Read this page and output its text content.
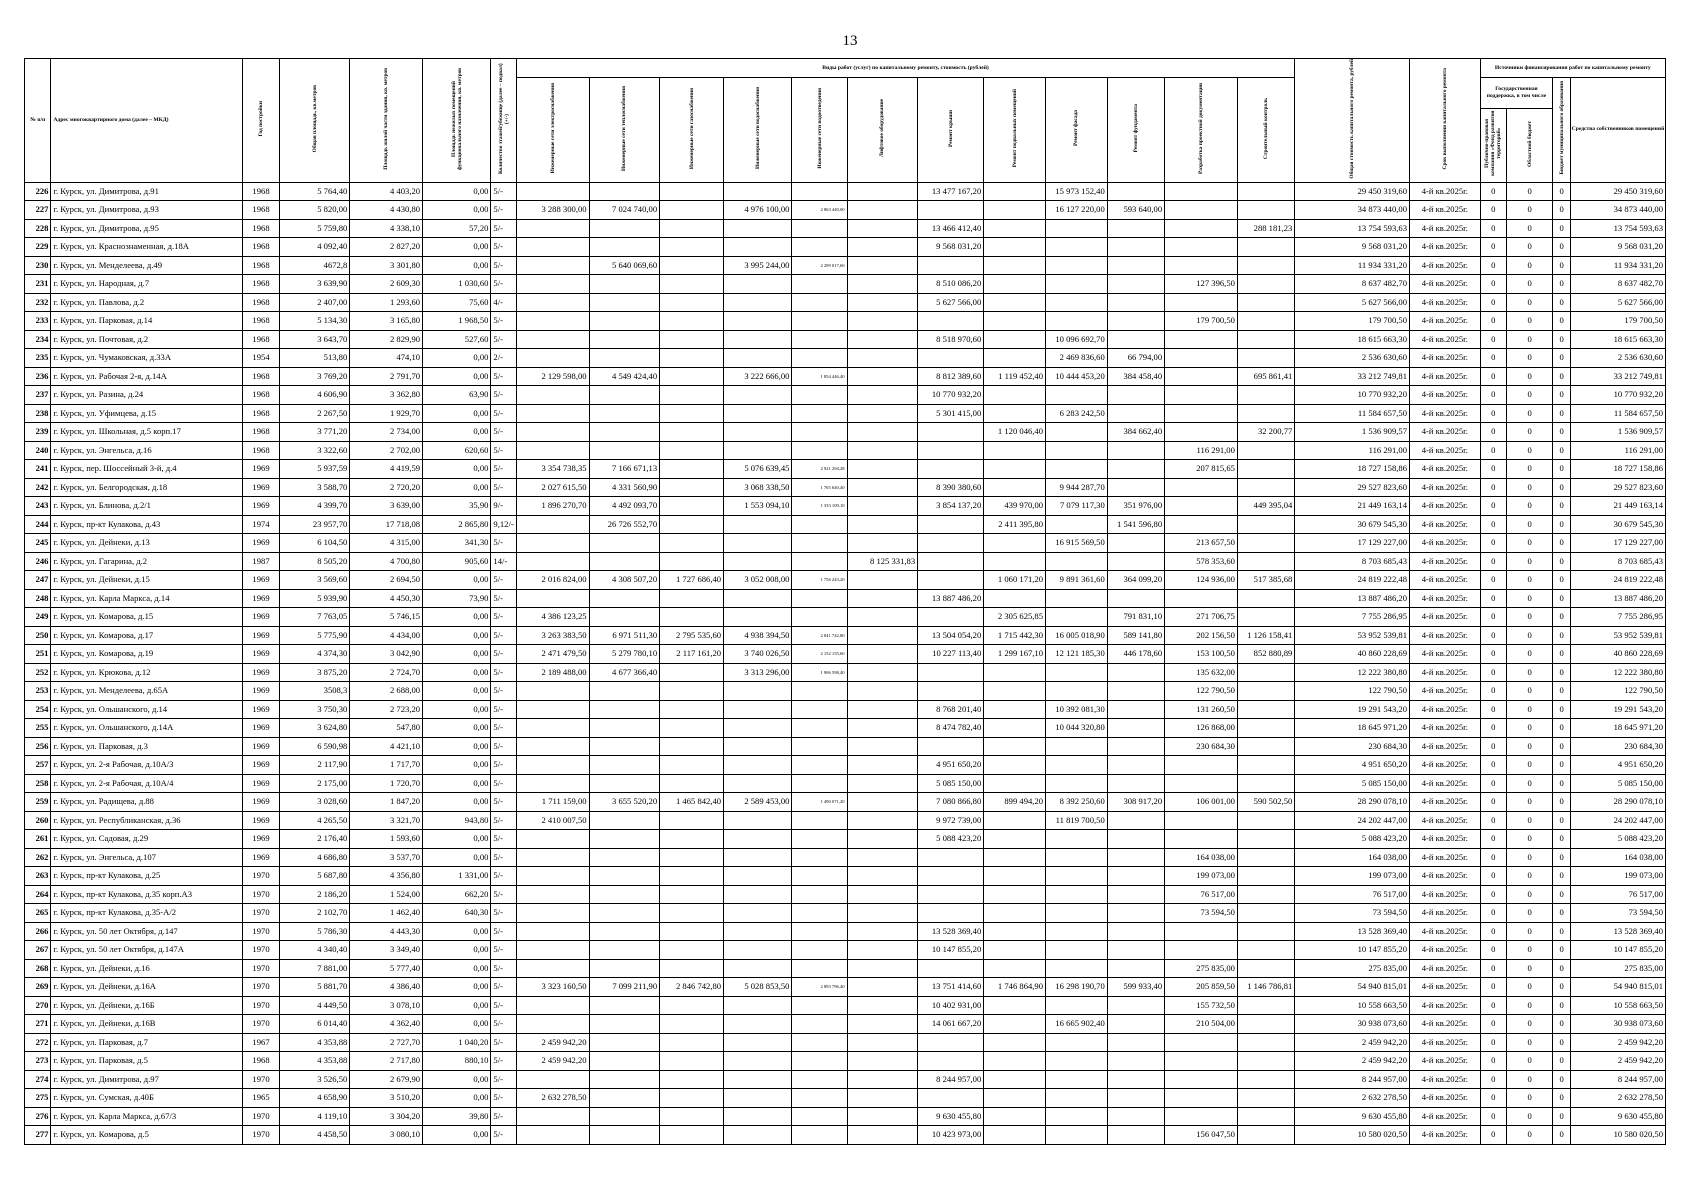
13
№ п/п	Адрес многоквартирного дома (далее – МКД)	Год постройки	Общая площадь, кв.метров	Площадь жилой части здания, кв. метров	Площадь нежилых помещений функционального назначения, кв. метров	Количество этажей/убежище (далее – подвал) (+/-)	Виды работ (услуг) по капитальному ремонту, стоимость (рублей)												Общая стоимость капитального ремонта, рублей	Срок выполнения капитального ремонта	Источники финансирования работ по капитальному ремонту			
							Инженерные сети электроснабжения	Инженерные сети теплоснабжения	Инженерные сети газоснабжения	Инженерные сети водоснабжения	Инженерные сети водоотведения	Лифтовое оборудование	Ремонт крыши	Ремонт подвальных помещений	Ремонт фасада	Ремонт фундамента	Разработка проектной документации	Строительный контроль			Государственная поддержка, в том числе		Бюджет муниципального образования	Средства собственников помещений
																					Публично-правовая компания «Фонд развития территорий»	Областной бюджет		
226	г. Курск, ул. Димитрова, д.91	1968	5 764,40	4 403,20	0,00	5/-							13 477 167,20		15 973 152,40				29 450 319,60	4-й кв.2025г.	0	0	0	29 450 319,60
227	г. Курск, ул. Димитрова, д.93	1968	5 820,00	4 430,80	0,00	5/-	3 288 300,00	7 024 740,00		4 976 100,00	2 863 440,00				16 127 220,00	593 640,00			34 873 440,00	4-й кв.2025г.	0	0	0	34 873 440,00
228	г. Курск, ул. Димитрова, д.95	1968	5 759,80	4 338,10	57,20	5/-							13 466 412,40					288 181,23	13 754 593,63	4-й кв.2025г.	0	0	0	13 754 593,63
229	г. Курск, ул. Краснознаменная, д.18А	1968	4 092,40	2 827,20	0,00	5/-							9 568 031,20						9 568 031,20	4-й кв.2025г.	0	0	0	9 568 031,20
230	г. Курск, ул. Менделеева, д.49	1968	4672,8	3 301,80	0,00	5/-		5 640 069,60		3 995 244,00	2 299 017,60								11 934 331,20	4-й кв.2025г.	0	0	0	11 934 331,20
231	г. Курск, ул. Народная, д.7	1968	3 639,90	2 609,30	1 030,60	5/-							8 510 086,20				127 396,50		8 637 482,70	4-й кв.2025г.	0	0	0	8 637 482,70
232	г. Курск, ул. Павлова, д.2	1968	2 407,00	1 293,60	75,60	4/-							5 627 566,00						5 627 566,00	4-й кв.2025г.	0	0	0	5 627 566,00
233	г. Курск, ул. Парковая, д.14	1968	5 134,30	3 165,80	1 968,50	5/-											179 700,50		179 700,50	4-й кв.2025г.	0	0	0	179 700,50
234	г. Курск, ул. Почтовая, д.2	1968	3 643,70	2 829,90	527,60	5/-							8 518 970,60		10 096 692,70				18 615 663,30	4-й кв.2025г.	0	0	0	18 615 663,30
235	г. Курск, ул. Чумаковская, д.33А	1954	513,80	474,10	0,00	2/-									2 469 836,60	66 794,00			2 536 630,60	4-й кв.2025г.	0	0	0	2 536 630,60
236	г. Курск, ул. Рабочая 2-я, д.14А	1968	3 769,20	2 791,70	0,00	5/-	2 129 598,00	4 549 424,40		3 222 666,00	1 854 446,40		8 812 389,60	1 119 452,40	10 444 453,20	384 458,40		695 861,41	33 212 749,81	4-й кв.2025г.	0	0	0	33 212 749,81
237	г. Курск, ул. Разина, д.24	1968	4 606,90	3 362,80	63,90	5/-							10 770 932,20						10 770 932,20	4-й кв.2025г.	0	0	0	10 770 932,20
238	г. Курск, ул. Уфимцева, д.15	1968	2 267,50	1 929,70	0,00	5/-							5 301 415,00		6 283 242,50				11 584 657,50	4-й кв.2025г.	0	0	0	11 584 657,50
239	г. Курск, ул. Школьная, д.5 корп.17	1968	3 771,20	2 734,00	0,00	5/-								1 120 046,40		384 662,40		32 200,77	1 536 909,57	4-й кв.2025г.	0	0	0	1 536 909,57
240	г. Курск, ул. Энгельса, д.16	1968	3 322,60	2 702,00	620,60	5/-											116 291,00		116 291,00	4-й кв.2025г.	0	0	0	116 291,00
241	г. Курск, пер. Шоссейный 3-й, д.4	1969	5 937,59	4 419,59	0,00	5/-	3 354 738,35	7 166 671,13		5 076 639,45	2 921 294,28						207 815,65		18 727 158,86	4-й кв.2025г.	0	0	0	18 727 158,86
242	г. Курск, ул. Белгородская, д.18	1969	3 588,70	2 720,20	0,00	5/-	2 027 615,50	4 331 560,90		3 068 338,50	1 765 640,40		8 390 380,60		9 944 287,70				29 527 823,60	4-й кв.2025г.	0	0	0	29 527 823,60
243	г. Курск, ул. Блинова, д.2/1	1969	4 399,70	3 639,00	35,90	9/-	1 896 270,70	4 492 093,70		1 553 094,10	1 333 109,10		3 854 137,20	439 970,00	7 079 117,30	351 976,00		449 395,04	21 449 163,14	4-й кв.2025г.	0	0	0	21 449 163,14
244	г. Курск, пр-кт Кулакова, д.43	1974	23 957,70	17 718,08	2 865,80	9,12/-		26 726 552,70						2 411 395,80		1 541 596,80			30 679 545,30	4-й кв.2025г.	0	0	0	30 679 545,30
245	г. Курск, ул. Дейнеки, д.13	1969	6 104,50	4 315,00	341,30	5/-									16 915 569,50		213 657,50		17 129 227,00	4-й кв.2025г.	0	0	0	17 129 227,00
246	г. Курск, ул. Гагарина, д.2	1987	8 505,20	4 700,80	905,60	14/-						8 125 331,83					578 353,60		8 703 685,43	4-й кв.2025г.	0	0	0	8 703 685,43
247	г. Курск, ул. Дейнеки, д.15	1969	3 569,60	2 694,50	0,00	5/-	2 016 824,00	4 308 507,20	1 727 686,40	3 052 008,00	1 756 243,20			1 060 171,20	9 891 361,60	364 099,20	124 936,00	517 385,68	24 819 222,48	4-й кв.2025г.	0	0	0	24 819 222,48
248	г. Курск, ул. Карла Маркса, д.14	1969	5 939,90	4 450,30	73,90	5/-							13 887 486,20						13 887 486,20	4-й кв.2025г.	0	0	0	13 887 486,20
249	г. Курск, ул. Комарова, д.15	1969	7 763,05	5 746,15	0,00	5/-	4 386 123,25							2 305 625,85		791 831,10	271 706,75		7 755 286,95	4-й кв.2025г.	0	0	0	7 755 286,95
250	г. Курск, ул. Комарова, д.17	1969	5 775,90	4 434,00	0,00	5/-	3 263 383,50	6 971 511,30	2 795 535,60	4 938 394,50	2 841 742,80		13 504 054,20	1 715 442,30	16 005 018,90	589 141,80	202 156,50	1 126 158,41	53 952 539,81	4-й кв.2025г.	0	0	0	53 952 539,81
251	г. Курск, ул. Комарова, д.19	1969	4 374,30	3 042,90	0,00	5/-	2 471 479,50	5 279 780,10	2 117 161,20	3 740 026,50	2 152 155,60		10 227 113,40	1 299 167,10	12 121 185,30	446 178,60	153 100,50	852 880,89	40 860 228,69	4-й кв.2025г.	0	0	0	40 860 228,69
252	г. Курск, ул. Крюкова, д.12	1969	3 875,20	2 724,70	0,00	5/-	2 189 488,00	4 677 366,40		3 313 296,00	1 906 598,40						135 632,00		12 222 380,80	4-й кв.2025г.	0	0	0	12 222 380,80
253	г. Курск, ул. Менделеева, д.65А	1969	3508,3	2 688,00	0,00	5/-											122 790,50		122 790,50	4-й кв.2025г.	0	0	0	122 790,50
254	г. Курск, ул. Ольшанского, д.14	1969	3 750,30	2 723,20	0,00	5/-							8 768 201,40		10 392 081,30		131 260,50		19 291 543,20	4-й кв.2025г.	0	0	0	19 291 543,20
255	г. Курск, ул. Ольшанского, д.14А	1969	3 624,80	547,80	0,00	5/-							8 474 782,40		10 044 320,80		126 868,00		18 645 971,20	4-й кв.2025г.	0	0	0	18 645 971,20
256	г. Курск, ул. Парковая, д.3	1969	6 590,98	4 421,10	0,00	5/-											230 684,30		230 684,30	4-й кв.2025г.	0	0	0	230 684,30
257	г. Курск, ул. 2-я Рабочая, д.10А/3	1969	2 117,90	1 717,70	0,00	5/-							4 951 650,20						4 951 650,20	4-й кв.2025г.	0	0	0	4 951 650,20
258	г. Курск, ул. 2-я Рабочая, д.10А/4	1969	2 175,00	1 720,70	0,00	5/-							5 085 150,00						5 085 150,00	4-й кв.2025г.	0	0	0	5 085 150,00
259	г. Курск, ул. Радищева, д.88	1969	3 028,60	1 847,20	0,00	5/-	1 711 159,00	3 655 520,20	1 465 842,40	2 589 453,00	1 490 071,20		7 080 866,80	899 494,20	8 392 250,60	308 917,20	106 001,00	590 502,50	28 290 078,10	4-й кв.2025г.	0	0	0	28 290 078,10
260	г. Курск, ул. Республиканская, д.36	1969	4 265,50	3 321,70	943,80	5/-	2 410 007,50						9 972 739,00		11 819 700,50				24 202 447,00	4-й кв.2025г.	0	0	0	24 202 447,00
261	г. Курск, ул. Садовая, д.29	1969	2 176,40	1 593,60	0,00	5/-							5 088 423,20						5 088 423,20	4-й кв.2025г.	0	0	0	5 088 423,20
262	г. Курск, ул. Энгельса, д.107	1969	4 686,80	3 537,70	0,00	5/-											164 038,00		164 038,00	4-й кв.2025г.	0	0	0	164 038,00
263	г. Курск, пр-кт Кулакова, д.25	1970	5 687,80	4 356,80	1 331,00	5/-											199 073,00		199 073,00	4-й кв.2025г.	0	0	0	199 073,00
264	г. Курск, пр-кт Кулакова, д.35 корп.А3	1970	2 186,20	1 524,00	662,20	5/-											76 517,00		76 517,00	4-й кв.2025г.	0	0	0	76 517,00
265	г. Курск, пр-кт Кулакова, д.35-А/2	1970	2 102,70	1 462,40	640,30	5/-											73 594,50		73 594,50	4-й кв.2025г.	0	0	0	73 594,50
266	г. Курск, ул. 50 лет Октября, д.147	1970	5 786,30	4 443,30	0,00	5/-							13 528 369,40						13 528 369,40	4-й кв.2025г.	0	0	0	13 528 369,40
267	г. Курск, ул. 50 лет Октября, д.147А	1970	4 340,40	3 349,40	0,00	5/-							10 147 855,20						10 147 855,20	4-й кв.2025г.	0	0	0	10 147 855,20
268	г. Курск, ул. Дейнеки, д.16	1970	7 881,00	5 777,40	0,00	5/-											275 835,00		275 835,00	4-й кв.2025г.	0	0	0	275 835,00
269	г. Курск, ул. Дейнеки, д.16А	1970	5 881,70	4 386,40	0,00	5/-	3 323 160,50	7 099 211,90	2 846 742,80	5 028 853,50	2 893 796,40		13 751 414,60	1 746 864,90	16 298 190,70	599 933,40	205 859,50	1 146 786,81	54 940 815,01	4-й кв.2025г.	0	0	0	54 940 815,01
270	г. Курск, ул. Дейнеки, д.16Б	1970	4 449,50	3 078,10	0,00	5/-							10 402 931,00				155 732,50		10 558 663,50	4-й кв.2025г.	0	0	0	10 558 663,50
271	г. Курск, ул. Дейнеки, д.16В	1970	6 014,40	4 362,40	0,00	5/-							14 061 667,20		16 665 902,40		210 504,00		30 938 073,60	4-й кв.2025г.	0	0	0	30 938 073,60
272	г. Курск, ул. Парковая, д.7	1967	4 353,88	2 727,70	1 040,20	5/-	2 459 942,20												2 459 942,20	4-й кв.2025г.	0	0	0	2 459 942,20
273	г. Курск, ул. Парковая, д.5	1968	4 353,88	2 717,80	880,10	5/-	2 459 942,20												2 459 942,20	4-й кв.2025г.	0	0	0	2 459 942,20
274	г. Курск, ул. Димитрова, д.97	1970	3 526,50	2 679,90	0,00	5/-							8 244 957,00						8 244 957,00	4-й кв.2025г.	0	0	0	8 244 957,00
275	г. Курск, ул. Сумская, д.40Б	1965	4 658,90	3 510,20	0,00	5/-	2 632 278,50												2 632 278,50	4-й кв.2025г.	0	0	0	2 632 278,50
276	г. Курск, ул. Карла Маркса, д.67/3	1970	4 119,10	3 304,20	39,80	5/-							9 630 455,80						9 630 455,80	4-й кв.2025г.	0	0	0	9 630 455,80
277	г. Курск, ул. Комарова, д.5	1970	4 458,50	3 080,10	0,00	5/-							10 423 973,00				156 047,50		10 580 020,50	4-й кв.2025г.	0	0	0	10 580 020,50
